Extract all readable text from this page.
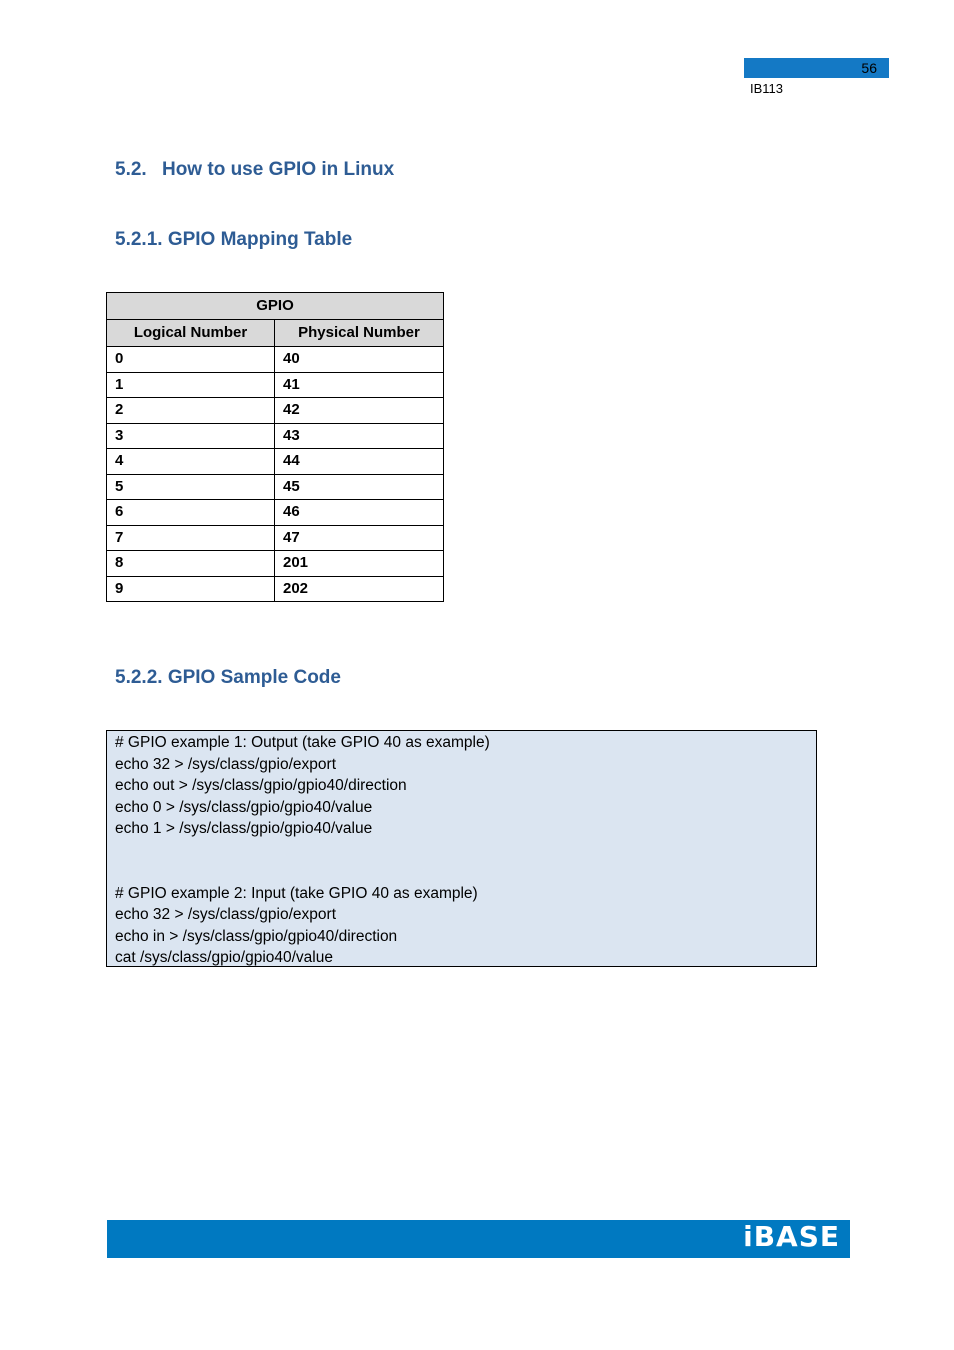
56
IB113
5.2. How to use GPIO in Linux
5.2.1. GPIO Mapping Table
GPIO	
Logical Number	Physical Number
0	40
1	41
2	42
3	43
4	44
5	45
6	46
7	47
8	201
9	202
5.2.2. GPIO Sample Code
# GPIO example 1: Output (take GPIO 40 as example)
echo 32 > /sys/class/gpio/export
echo out > /sys/class/gpio/gpio40/direction
echo 0 > /sys/class/gpio/gpio40/value
echo 1 > /sys/class/gpio/gpio40/value
# GPIO example 2: Input (take GPIO 40 as example)
echo 32 > /sys/class/gpio/export
echo in > /sys/class/gpio/gpio40/direction
cat /sys/class/gpio/gpio40/value
iBASE
